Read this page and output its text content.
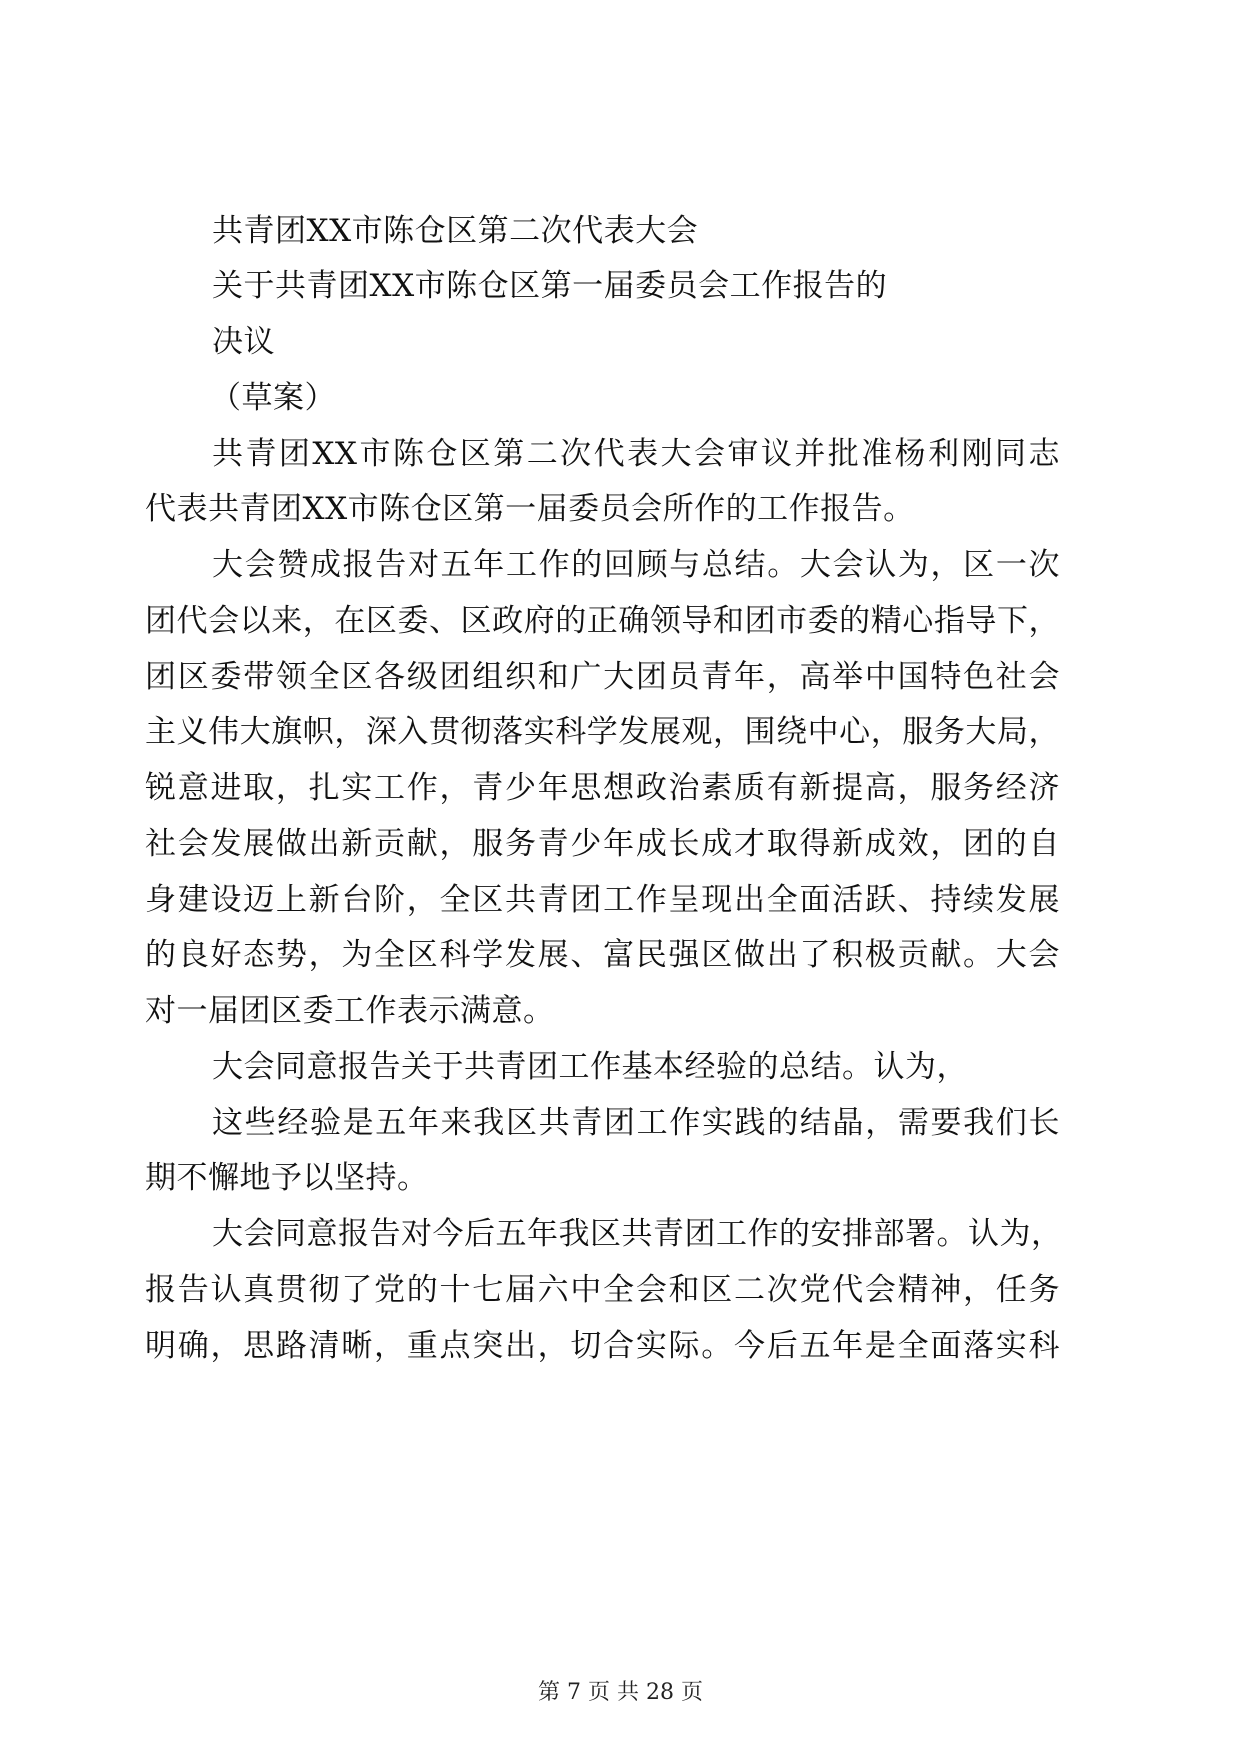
共青团XX市陈仓区第二次代表大会
关于共青团XX市陈仓区第一届委员会工作报告的
决议
（草案）
共青团XX市陈仓区第二次代表大会审议并批准杨利刚同志
代表共青团XX市陈仓区第一届委员会所作的工作报告。
大会赞成报告对五年工作的回顾与总结。大会认为，区一次
团代会以来，在区委、区政府的正确领导和团市委的精心指导下，
团区委带领全区各级团组织和广大团员青年，高举中国特色社会
主义伟大旗帜，深入贯彻落实科学发展观，围绕中心，服务大局，
锐意进取，扎实工作，青少年思想政治素质有新提高，服务经济
社会发展做出新贡献，服务青少年成长成才取得新成效，团的自
身建设迈上新台阶，全区共青团工作呈现出全面活跃、持续发展
的良好态势，为全区科学发展、富民强区做出了积极贡献。大会
对一届团区委工作表示满意。
大会同意报告关于共青团工作基本经验的总结。认为，
这些经验是五年来我区共青团工作实践的结晶，需要我们长
期不懈地予以坚持。
大会同意报告对今后五年我区共青团工作的安排部署。认为，
报告认真贯彻了党的十七届六中全会和区二次党代会精神，任务
明确，思路清晰，重点突出，切合实际。今后五年是全面落实科
第 7 页 共 28 页
